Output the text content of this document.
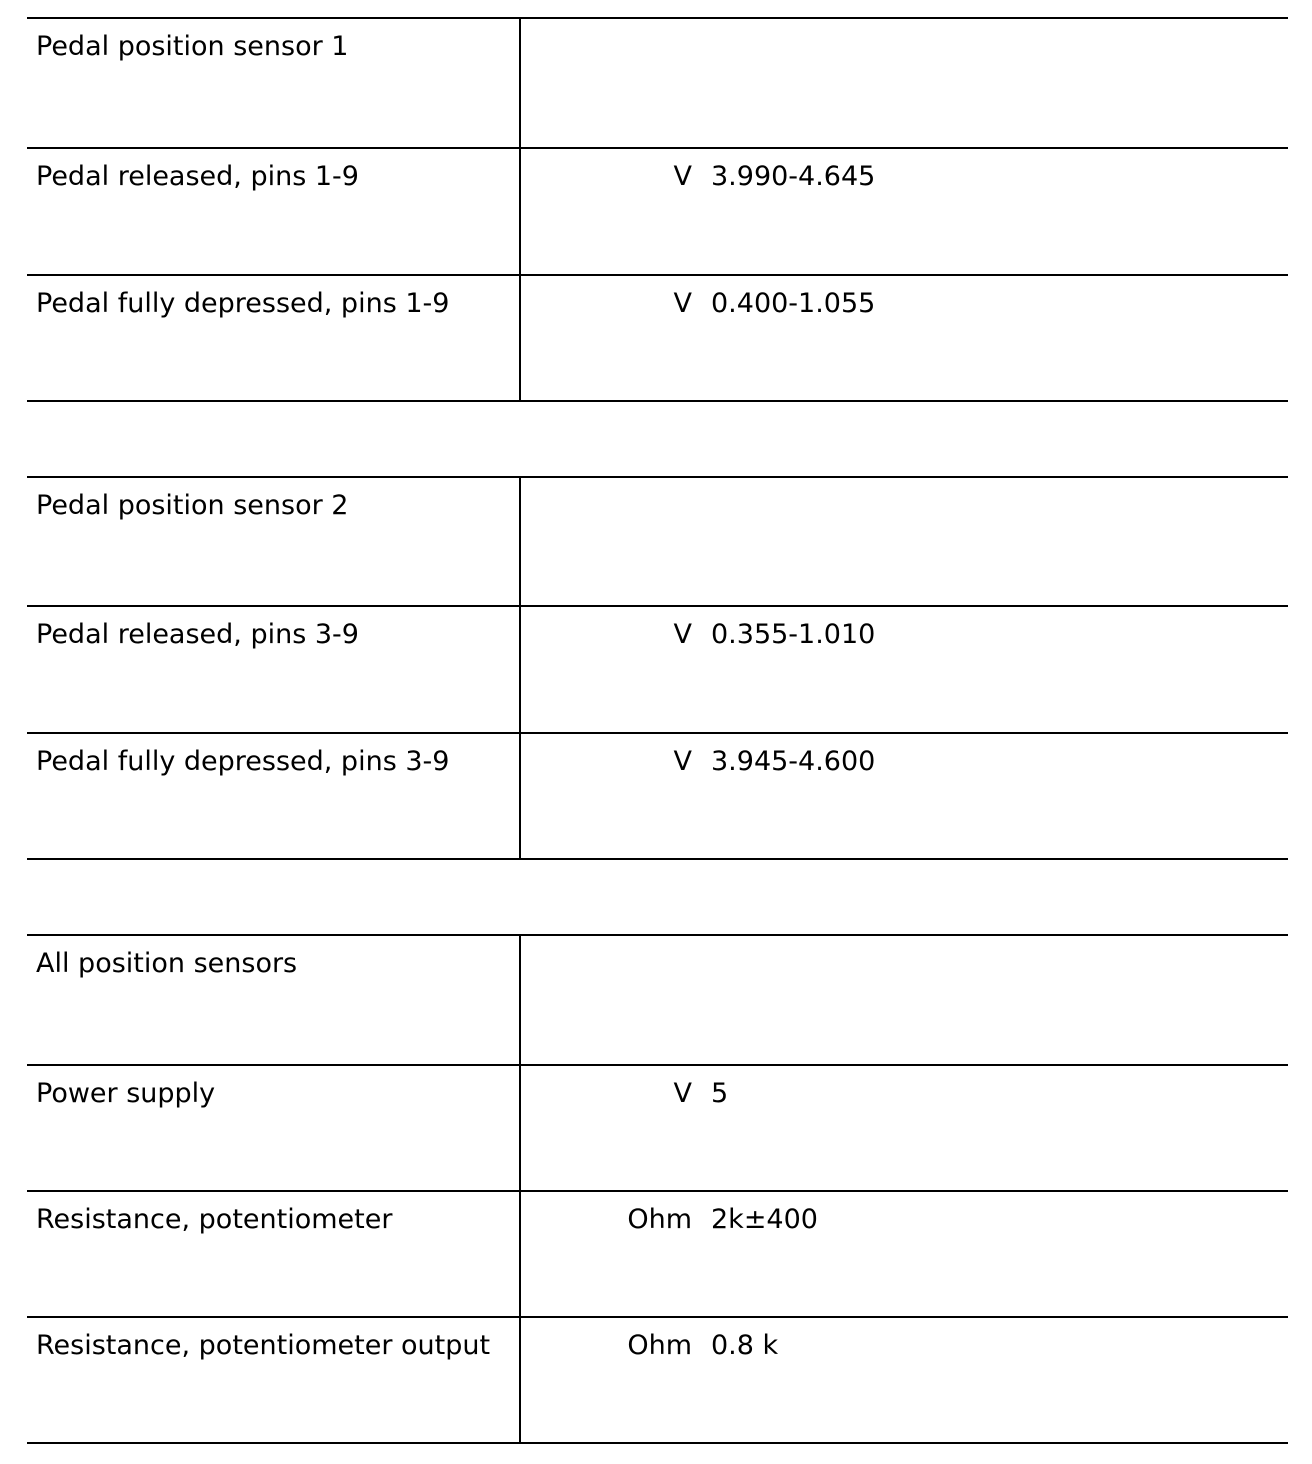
Pedal position sensor 1
Pedal released, pins 1-9	V 3.990-4.645
Pedal fully depressed, pins 1-9	V 0.400-1.055
Pedal position sensor 2
Pedal released, pins 3-9	V 0.355-1.010
Pedal fully depressed, pins 3-9	V 3.945-4.600
All position sensors
Power supply	V 5
Resistance, potentiometer	Ohm 2k±400
Resistance, potentiometer output	Ohm 0.8 k
